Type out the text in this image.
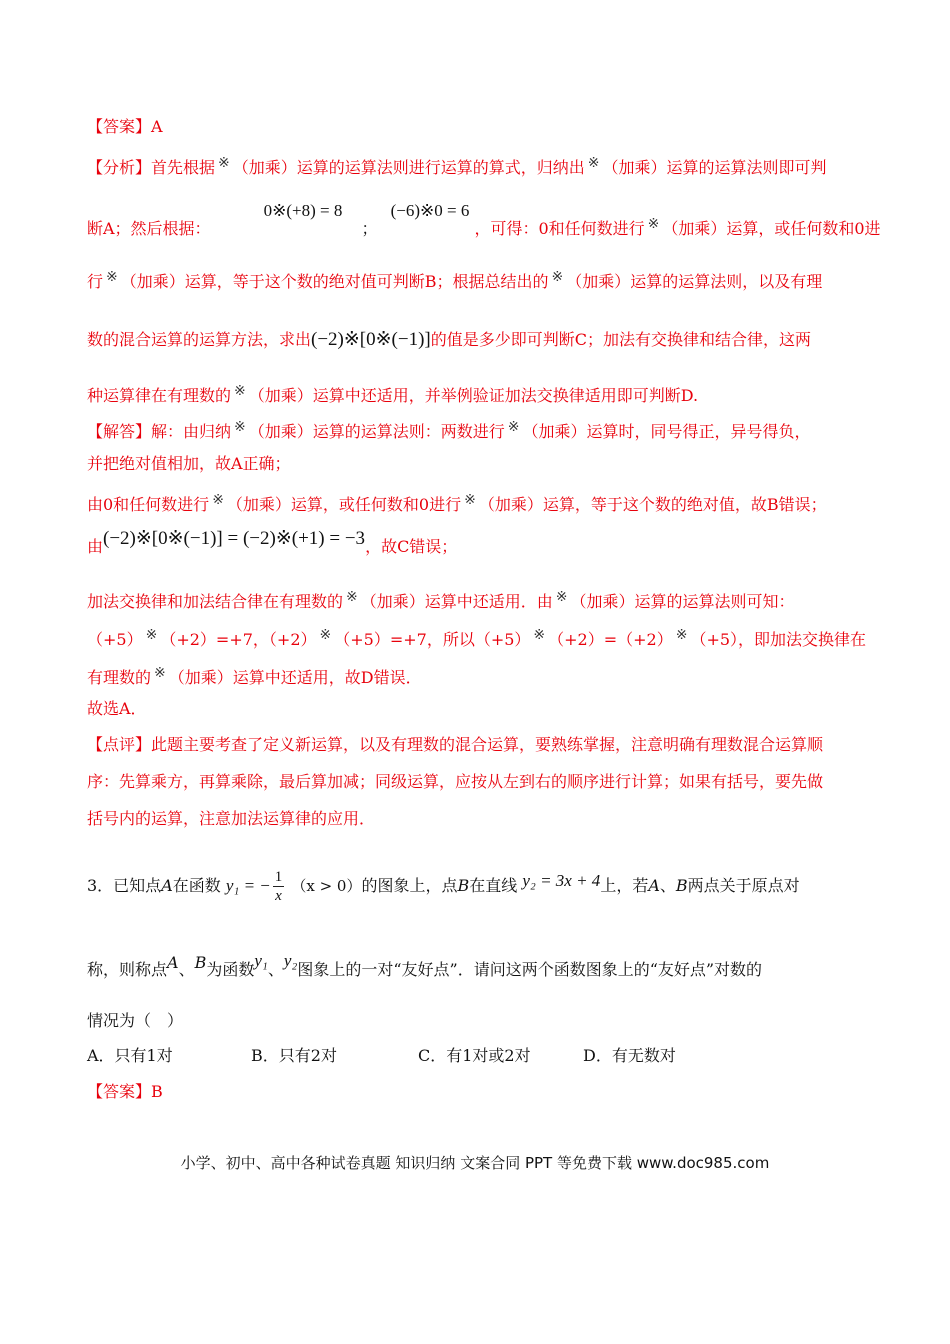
【答案】A
【分析】首先根据 ※ （加乘）运算的运算法则进行运算的算式，归纳出 ※ （加乘）运算的运算法则即可判
断A；然后根据： 0※(+8) = 8 ； (−6)※0 = 6 ，可得：0和任何数进行 ※ （加乘）运算，或任何数和0进
行 ※ （加乘）运算，等于这个数的绝对值可判断B；根据总结出的 ※ （加乘）运算的运算法则，以及有理
数的混合运算的运算方法，求出(−2)※[0※(−1)]的值是多少即可判断C；加法有交换律和结合律，这两
种运算律在有理数的 ※ （加乘）运算中还适用，并举例验证加法交换律适用即可判断D.
【解答】解：由归纳 ※ （加乘）运算的运算法则：两数进行 ※ （加乘）运算时，同号得正，异号得负，
并把绝对值相加，故A正确；
由0和任何数进行 ※ （加乘）运算，或任何数和0进行 ※ （加乘）运算，等于这个数的绝对值，故B错误；
由(−2)※[0※(−1)] = (−2)※(+1) = −3，故C错误；
加法交换律和加法结合律在有理数的 ※ （加乘）运算中还适用．由 ※ （加乘）运算的运算法则可知：
（+5） ※ （+2）=+7，（+2） ※ （+5）=+7，所以（+5） ※ （+2）=（+2） ※ （+5），即加法交换律在
有理数的 ※ （加乘）运算中还适用，故D错误．
故选A．
【点评】此题主要考查了定义新运算，以及有理数的混合运算，要熟练掌握，注意明确有理数混合运算顺
序：先算乘方，再算乘除，最后算加减；同级运算，应按从左到右的顺序进行计算；如果有括号，要先做
括号内的运算，注意加法运算律的应用．
3．已知点A在函数 y₁ = − $\frac{1}{x} (x > 0)$的图象上，点B在直线 y₂ = 3x + 4上，若A、B两点关于原点对
称，则称点A、B为函数y₁、y₂图象上的一对“友好点”．请问这两个函数图象上的“友好点”对数的
情况为（　）
A．只有1对	B．只有2对	C．有1对或2对	D．有无数对
【答案】B
小学、初中、高中各种试卷真题 知识归纳 文案合同 PPT 等免费下载 www.doc985.com
